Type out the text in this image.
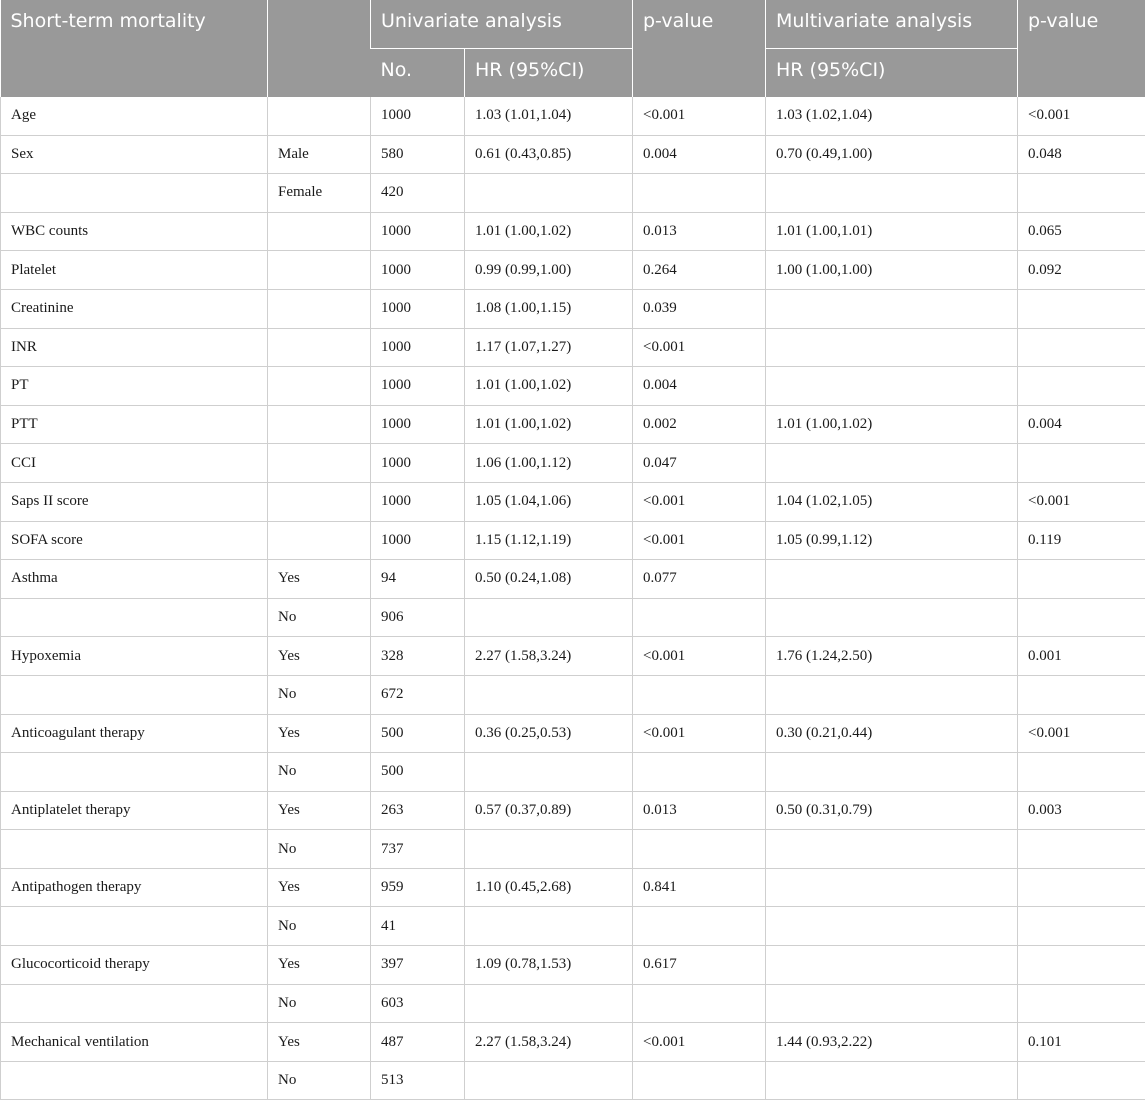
Short-term mortality		Univariate analysis		p-value	Multivariate analysis	p-value
		No.	HR (95%CI)		HR (95%CI)	
Age		1000	1.03 (1.01,1.04)	<0.001	1.03 (1.02,1.04)	<0.001
Sex	Male	580	0.61 (0.43,0.85)	0.004	0.70 (0.49,1.00)	0.048
	Female	420				
WBC counts		1000	1.01 (1.00,1.02)	0.013	1.01 (1.00,1.01)	0.065
Platelet		1000	0.99 (0.99,1.00)	0.264	1.00 (1.00,1.00)	0.092
Creatinine		1000	1.08 (1.00,1.15)	0.039		
INR		1000	1.17 (1.07,1.27)	<0.001		
PT		1000	1.01 (1.00,1.02)	0.004		
PTT		1000	1.01 (1.00,1.02)	0.002	1.01 (1.00,1.02)	0.004
CCI		1000	1.06 (1.00,1.12)	0.047		
Saps II score		1000	1.05 (1.04,1.06)	<0.001	1.04 (1.02,1.05)	<0.001
SOFA score		1000	1.15 (1.12,1.19)	<0.001	1.05 (0.99,1.12)	0.119
Asthma	Yes	94	0.50 (0.24,1.08)	0.077		
	No	906				
Hypoxemia	Yes	328	2.27 (1.58,3.24)	<0.001	1.76 (1.24,2.50)	0.001
	No	672				
Anticoagulant therapy	Yes	500	0.36 (0.25,0.53)	<0.001	0.30 (0.21,0.44)	<0.001
	No	500				
Antiplatelet therapy	Yes	263	0.57 (0.37,0.89)	0.013	0.50 (0.31,0.79)	0.003
	No	737				
Antipathogen therapy	Yes	959	1.10 (0.45,2.68)	0.841		
	No	41				
Glucocorticoid therapy	Yes	397	1.09 (0.78,1.53)	0.617		
	No	603				
Mechanical ventilation	Yes	487	2.27 (1.58,3.24)	<0.001	1.44 (0.93,2.22)	0.101
	No	513				
